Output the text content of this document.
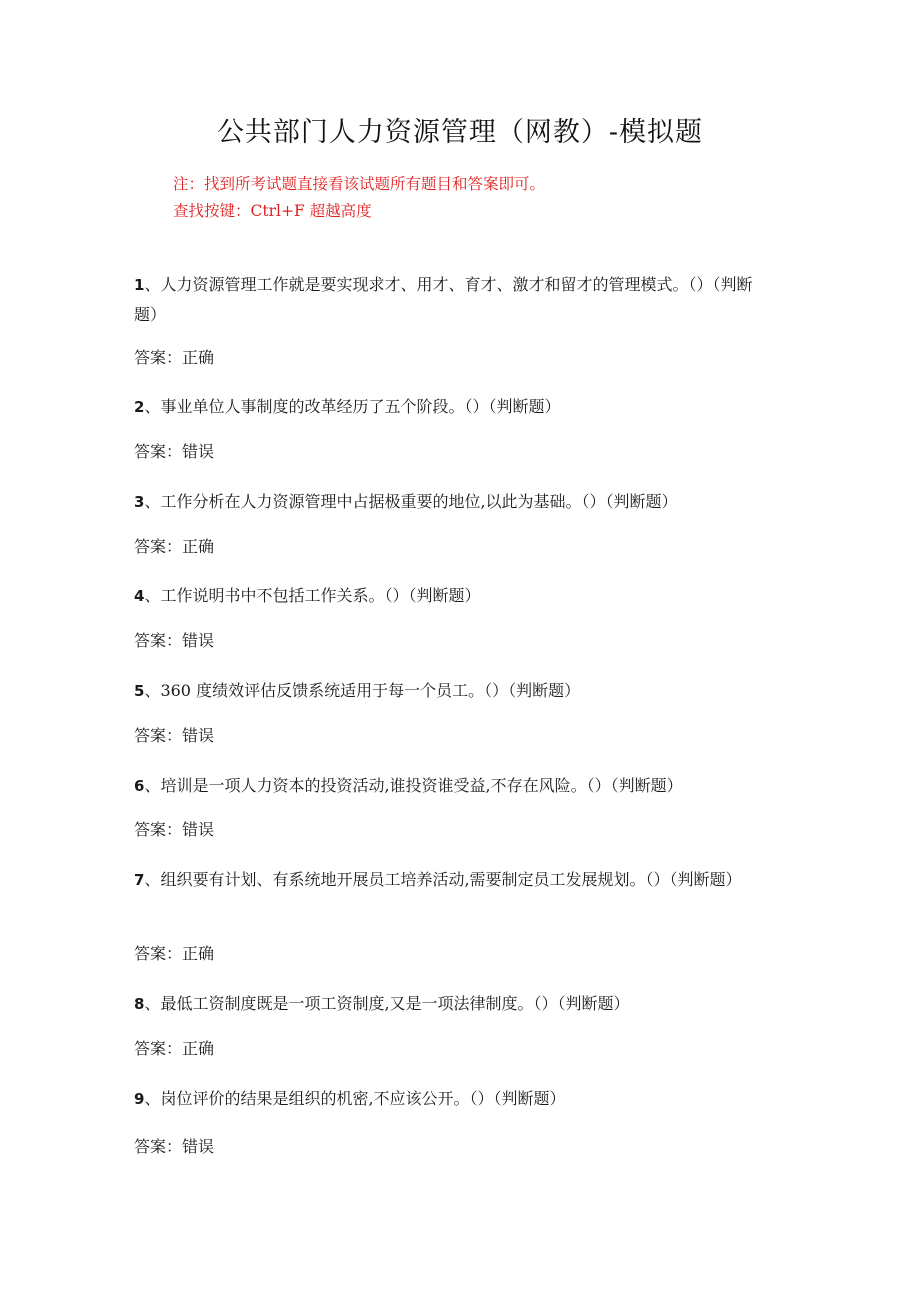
公共部门人力资源管理（网教）-模拟题
注：找到所考试题直接看该试题所有题目和答案即可。
查找按键：Ctrl+F 超越高度
1、人力资源管理工作就是要实现求才、用才、育才、激才和留才的管理模式。（）（判断题）
答案：正确
2、事业单位人事制度的改革经历了五个阶段。（）（判断题）
答案：错误
3、工作分析在人力资源管理中占据极重要的地位,以此为基础。（）（判断题）
答案：正确
4、工作说明书中不包括工作关系。（）（判断题）
答案：错误
5、360 度绩效评估反馈系统适用于每一个员工。（）（判断题）
答案：错误
6、培训是一项人力资本的投资活动,谁投资谁受益,不存在风险。（）（判断题）
答案：错误
7、组织要有计划、有系统地开展员工培养活动,需要制定员工发展规划。（）（判断题）
答案：正确
8、最低工资制度既是一项工资制度,又是一项法律制度。（）（判断题）
答案：正确
9、岗位评价的结果是组织的机密,不应该公开。（）（判断题）
答案：错误
